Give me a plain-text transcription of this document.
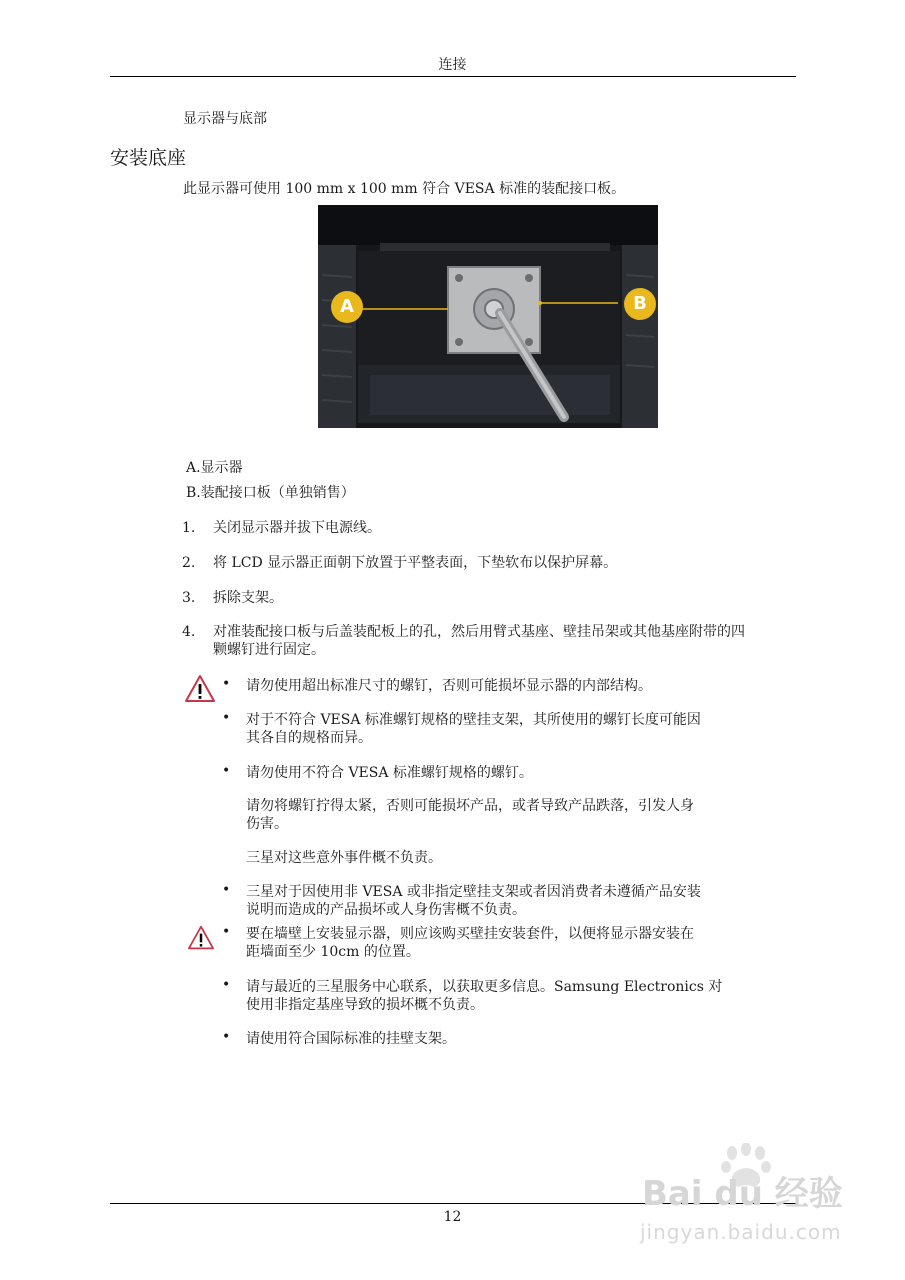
连接
显示器与底部
安装底座
此显示器可使用 100 mm x 100 mm 符合 VESA 标准的装配接口板。
A	B
A.显示器
B.装配接口板（单独销售）
1.	关闭显示器并拔下电源线。
2.	将 LCD 显示器正面朝下放置于平整表面，下垫软布以保护屏幕。
3.	拆除支架。
4.	对准装配接口板与后盖装配板上的孔，然后用臂式基座、壁挂吊架或其他基座附带的四
颗螺钉进行固定。
• 请勿使用超出标准尺寸的螺钉，否则可能损坏显示器的内部结构。
• 对于不符合 VESA 标准螺钉规格的壁挂支架，其所使用的螺钉长度可能因
其各自的规格而异。
• 请勿使用不符合 VESA 标准螺钉规格的螺钉。
请勿将螺钉拧得太紧，否则可能损坏产品，或者导致产品跌落，引发人身
伤害。
三星对这些意外事件概不负责。
• 三星对于因使用非 VESA 或非指定壁挂支架或者因消费者未遵循产品安装
说明而造成的产品损坏或人身伤害概不负责。
• 要在墙壁上安装显示器，则应该购买壁挂安装套件，以便将显示器安装在
距墙面至少 10cm 的位置。
• 请与最近的三星服务中心联系，以获取更多信息。Samsung Electronics 对
使用非指定基座导致的损坏概不负责。
• 请使用符合国际标准的挂壁支架。
12
Bai du 经验
jingyan.baidu.com
